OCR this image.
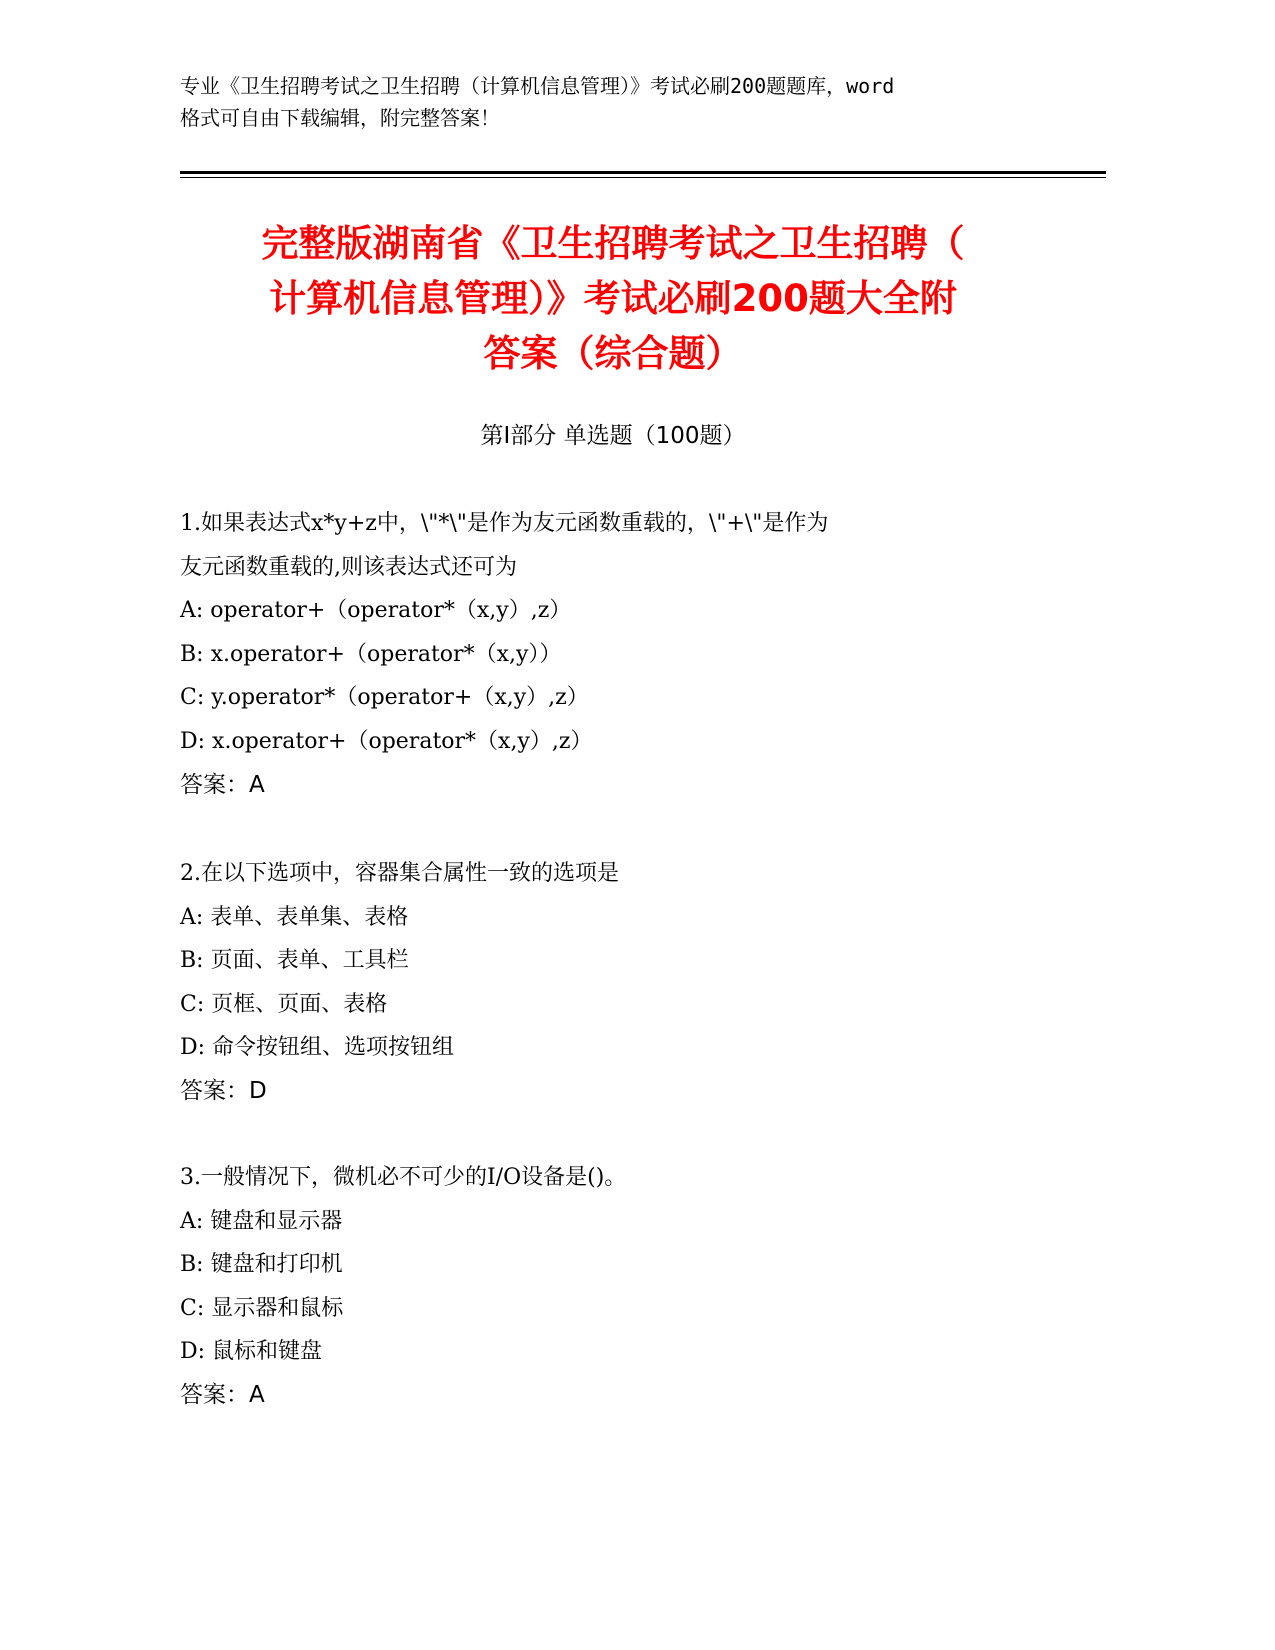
专业《卫生招聘考试之卫生招聘（计算机信息管理）》考试必刷200题题库，word
格式可自由下载编辑，附完整答案！
完整版湖南省《卫生招聘考试之卫生招聘（
计算机信息管理）》考试必刷200题大全附
答案（综合题）
第Ⅰ部分 单选题（100题）
1.如果表达式x*y+z中，\"*\"是作为友元函数重载的，\"+\"是作为
友元函数重载的,则该表达式还可为
A: operator+（operator*（x,y）,z）
B: x.operator+（operator*（x,y））
C: y.operator*（operator+（x,y）,z）
D: x.operator+（operator*（x,y）,z）
答案：A
2.在以下选项中，容器集合属性一致的选项是
A: 表单、表单集、表格
B: 页面、表单、工具栏
C: 页框、页面、表格
D: 命令按钮组、选项按钮组
答案：D
3.一般情况下，微机必不可少的I/O设备是()。
A: 键盘和显示器
B: 键盘和打印机
C: 显示器和鼠标
D: 鼠标和键盘
答案：A
